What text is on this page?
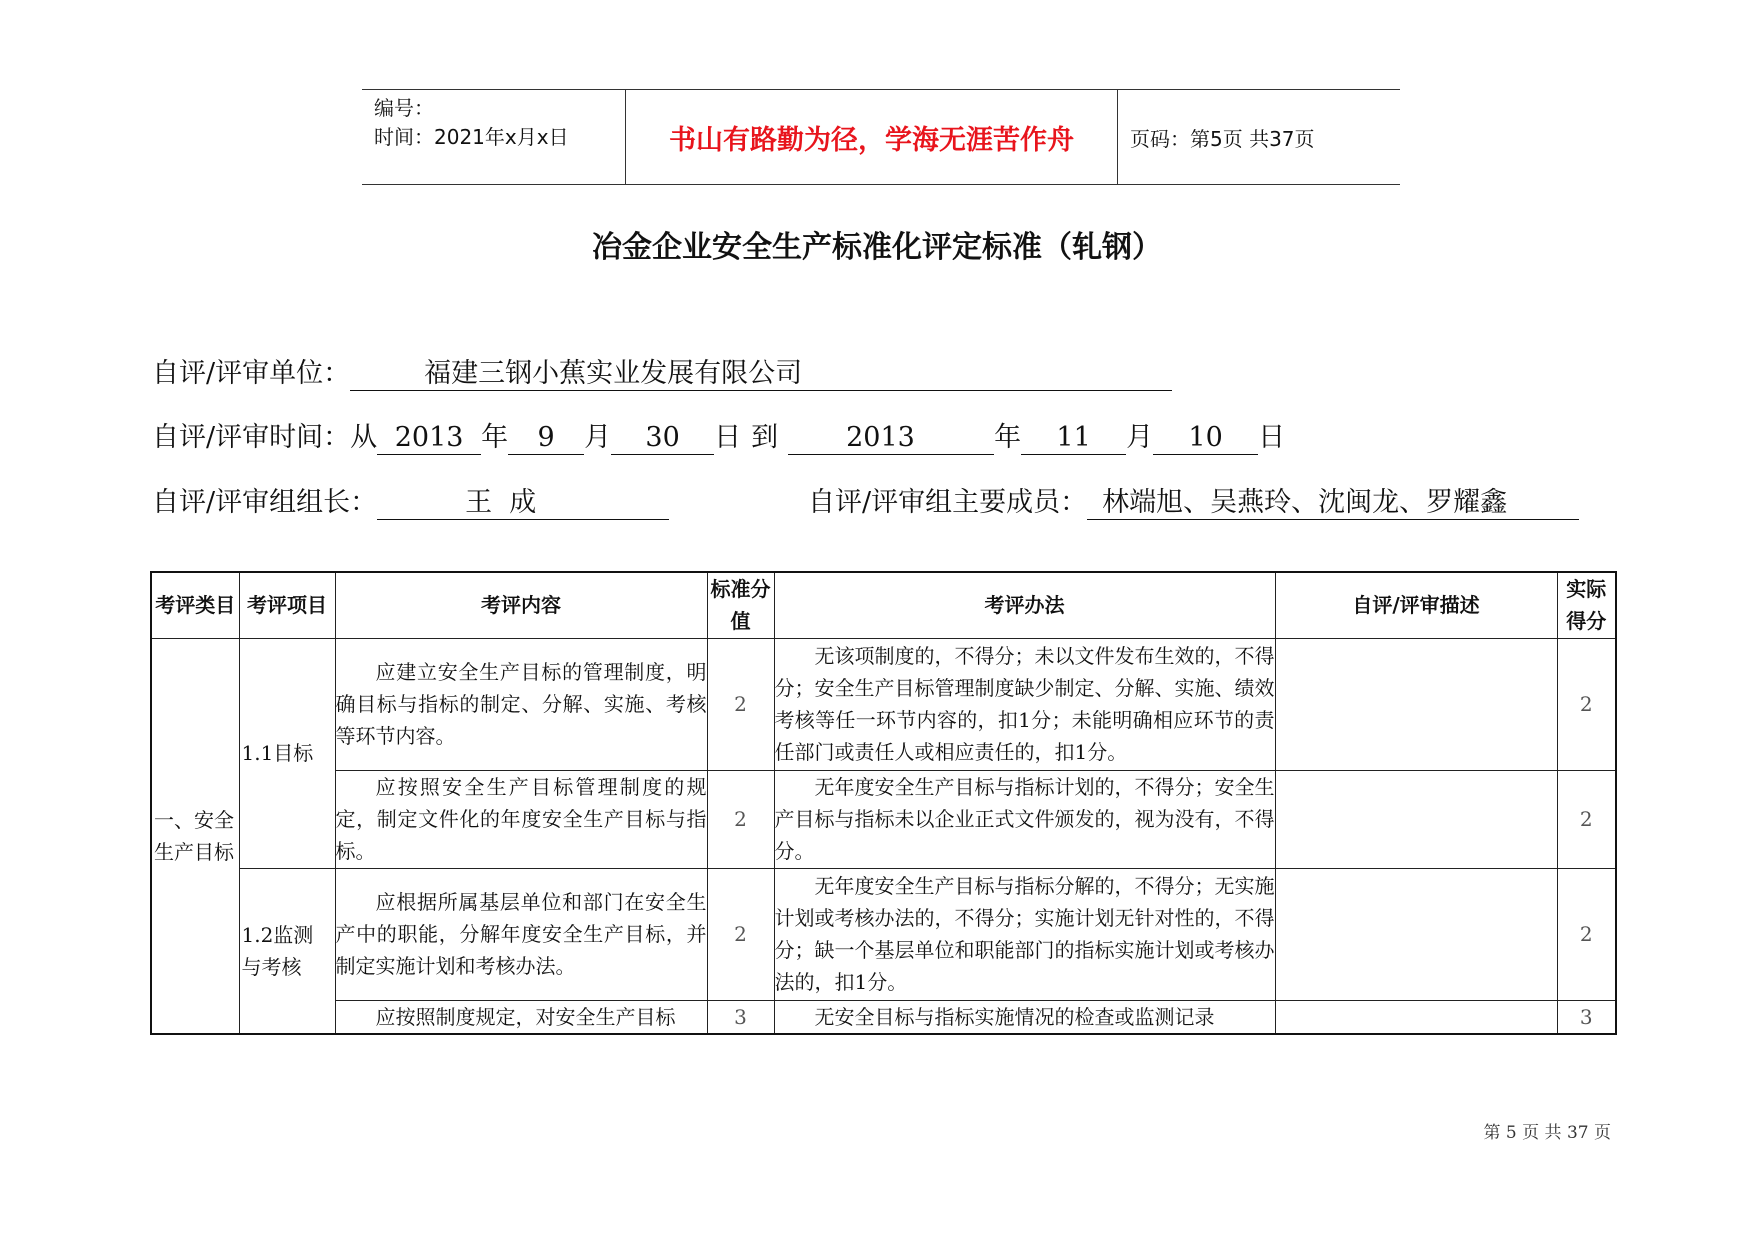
编号：
时间：2021年x月x日	书山有路勤为径，学海无涯苦作舟	页码：第5页 共37页
冶金企业安全生产标准化评定标准（轧钢）
自评/评审单位：	福建三钢小蕉实业发展有限公司
自评/评审时间：从 2013 年 9 月 30 日 到	2013	年 11 月 10 日
自评/评审组组长：	王  成	自评/评审组主要成员： 林端旭、吴燕玲、沈闽龙、罗耀鑫
考评类目	考评项目	考评内容	标准分值	考评办法	自评/评审描述	实际得分
一、安全生产目标	1.1目标	应建立安全生产目标的管理制度，明确目标与指标的制定、分解、实施、考核等环节内容。	2	无该项制度的，不得分；未以文件发布生效的，不得分；安全生产目标管理制度缺少制定、分解、实施、绩效考核等任一环节内容的，扣1分；未能明确相应环节的责任部门或责任人或相应责任的，扣1分。		2
		应按照安全生产目标管理制度的规定，制定文件化的年度安全生产目标与指标。	2	无年度安全生产目标与指标计划的，不得分；安全生产目标与指标未以企业正式文件颁发的，视为没有，不得分。		2
	1.2监测与考核	应根据所属基层单位和部门在安全生产中的职能，分解年度安全生产目标，并制定实施计划和考核办法。	2	无年度安全生产目标与指标分解的，不得分；无实施计划或考核办法的，不得分；实施计划无针对性的，不得分；缺一个基层单位和职能部门的指标实施计划或考核办法的，扣1分。		2
		应按照制度规定，对安全生产目标	3	无安全目标与指标实施情况的检查或监测记录		3
第 5 页 共 37 页
